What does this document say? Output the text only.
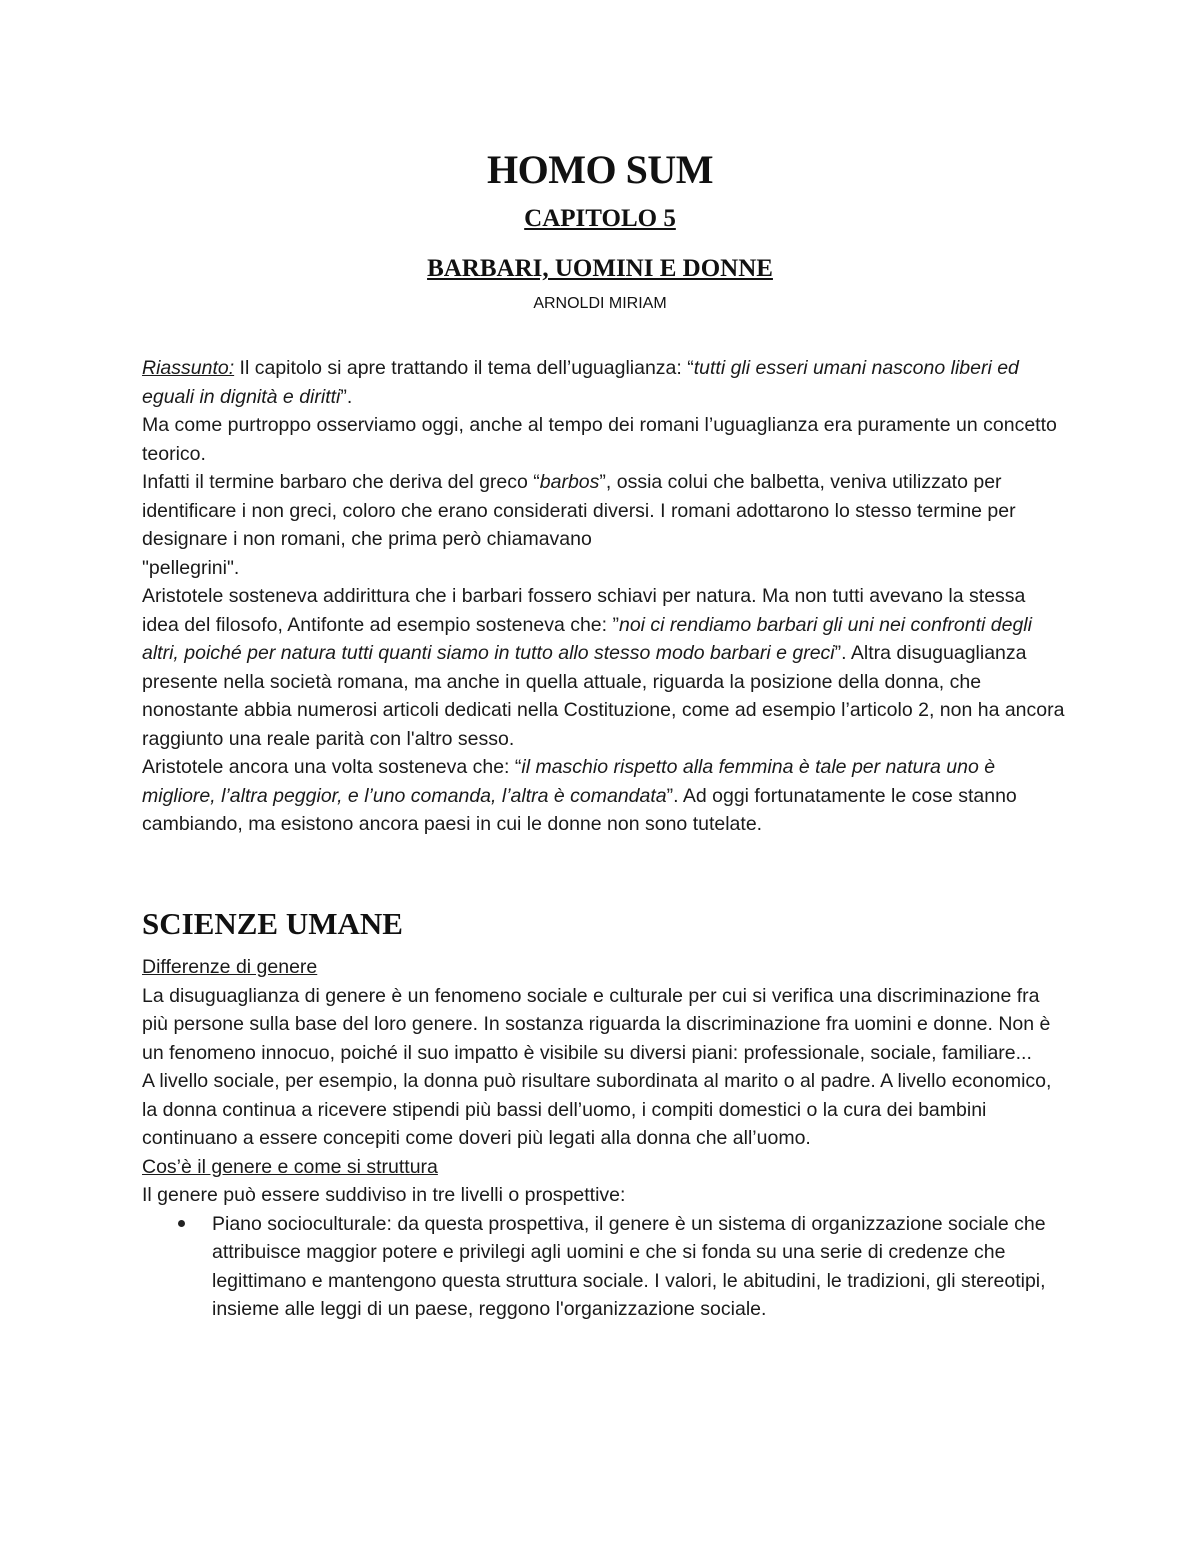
HOMO SUM
CAPITOLO 5
BARBARI, UOMINI E DONNE
ARNOLDI MIRIAM

Riassunto: Il capitolo si apre trattando il tema dell’uguaglianza: “tutti gli esseri umani nascono liberi ed eguali in dignità e diritti”.

Ma come purtroppo osserviamo oggi, anche al tempo dei romani l’uguaglianza era puramente un concetto teorico.

Infatti il termine barbaro che deriva del greco “barbos”, ossia colui che balbetta, veniva utilizzato per identificare i non greci, coloro che erano considerati diversi. I romani adottarono lo stesso termine per designare i non romani, che prima però chiamavano

"pellegrini".

Aristotele sosteneva addirittura che i barbari fossero schiavi per natura. Ma non tutti avevano la stessa idea del filosofo, Antifonte ad esempio sosteneva che: ”noi ci rendiamo barbari gli uni nei confronti degli altri, poiché per natura tutti quanti siamo in tutto allo stesso modo barbari e greci”. Altra disuguaglianza presente nella società romana, ma anche in quella attuale, riguarda la posizione della donna, che nonostante abbia numerosi articoli dedicati nella Costituzione, come ad esempio l’articolo 2, non ha ancora raggiunto una reale parità con l'altro sesso.

Aristotele ancora una volta sosteneva che: “il maschio rispetto alla femmina è tale per natura uno è migliore, l’altra peggior, e l’uno comanda, l’altra è comandata”. Ad oggi fortunatamente le cose stanno cambiando, ma esistono ancora paesi in cui le donne non sono tutelate.

SCIENZE UMANE

Differenze di genere

La disuguaglianza di genere è un fenomeno sociale e culturale per cui si verifica una discriminazione fra più persone sulla base del loro genere. In sostanza riguarda la discriminazione fra uomini e donne. Non è un fenomeno innocuo, poiché il suo impatto è visibile su diversi piani: professionale, sociale, familiare...

A livello sociale, per esempio, la donna può risultare subordinata al marito o al padre. A livello economico, la donna continua a ricevere stipendi più bassi dell’uomo, i compiti domestici o la cura dei bambini continuano a essere concepiti come doveri più legati alla donna che all’uomo.

Cos’è il genere e come si struttura

Il genere può essere suddiviso in tre livelli o prospettive:

Piano socioculturale: da questa prospettiva, il genere è un sistema di organizzazione sociale che attribuisce maggior potere e privilegi agli uomini e che si fonda su una serie di credenze che legittimano e mantengono questa struttura sociale. I valori, le abitudini, le tradizioni, gli stereotipi, insieme alle leggi di un paese, reggono l'organizzazione sociale.
